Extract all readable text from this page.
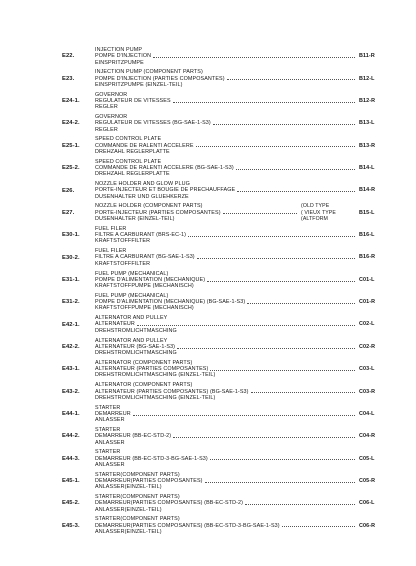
E22.
INJECTION PUMP
POMPE D'INJECTION
EINSPRITZPUMPE
B11-R
E23.
INJECTION PUMP (COMPONENT PARTS)
POMPE D'INJECTION (PARTIES COMPOSANTES)
EINSPRITZPUMPE (EINZEL-TEIL)
B12-L
E24-1.
GOVERNOR
REGULATEUR DE VITESSES
REGLER
B12-R
E24-2.
GOVERNOR
REGULATEUR DE VITESSES (BG-SAE-1-S3)
REGLER
B13-L
E25-1.
SPEED CONTROL PLATE
COMMANDE DE RALENTI ACCELERE
DREHZAHL REGLERPLATTE
B13-R
E25-2.
SPEED CONTROL PLATE
COMMANDE DE RALENTI ACCELERE (BG-SAE-1-S3)
DREHZAHL REGLERPLATTE
B14-L
E26.
NOZZLE HOLDER AND GLOW PLUG
PORTE-INJECTEUR ET BOUGIE DE PRECHAUFFAGE
DUSENHALTER UND GLUEHKERZE
B14-R
E27.
NOZZLE HOLDER (COMPONENT PARTS)
PORTE-INJECTEUR (PARTIES COMPOSANTES)
DUSENHALTER (EINZEL-TEIL)
(OLD TYPE
( VIEUX TYPE
(ALTFORM
B15-L
E30-1.
FUEL FILER
FILTRE A CARBURANT (BRS-EC-1)
KRAFTSTOFFFILTER
B16-L
E30-2.
FUEL FILER
FILTRE A CARBURANT (BG-SAE-1-S3)
KRAFTSTOFFFILTER
B16-R
E31-1.
FUEL PUMP (MECHANICAL)
POMPE D'ALIMENTATION (MECHANIQUE)
KRAFTSTOFFPUMPE (MECHANISCH)
C01-L
E31-2.
FUEL PUMP (MECHANICAL)
POMPE D'ALIMENTATION (MECHANIQUE) (BG-SAE-1-S3)
KRAFTSTOFFPUMPE (MECHANISCH)
C01-R
E42-1.
ALTERNATOR AND PULLEY
ALTERNATEUR
DREHSTROMLICHTMASCHING
C02-L
E42-2.
ALTERNATOR AND PULLEY
ALTERNATEUR (BG-SAE-1-S3)
DREHSTROMLICHTMASCHING
C02-R
E43-1.
ALTERNATOR (COMPONENT PARTS)
ALTERNATEUR (PARTIES COMPOSANTES)
DREHSTROMLICHTMASCHING (EINZEL-TEIL)
C03-L
E43-2.
ALTERNATOR (COMPONENT PARTS)
ALTERNATEUR (PARTIES COMPOSANTES) (BG-SAE-1-S3)
DREHSTROMLICHTMASCHING (EINZEL-TEIL)
C03-R
E44-1.
STARTER
DEMARREUR
ANLASSER
C04-L
E44-2.
STARTER
DEMARREUR (BB-EC-STD-2)
ANLASSER
C04-R
E44-3.
STARTER
DEMARREUR (BB-EC-STD-3-BG-SAE-1-S3)
ANLASSER
C05-L
E45-1.
STARTER(COMPONENT PARTS)
DEMARREUR(PARTIES COMPOSANTES)
ANLASSER(EINZEL-TEIL)
C05-R
E45-2.
STARTER(COMPONENT PARTS)
DEMARREUR(PARTIES COMPOSANTES) (BB-EC-STD-2)
ANLASSER(EINZEL-TEIL)
C06-L
E45-3.
STARTER(COMPONENT PARTS)
DEMARREUR(PARTIES COMPOSANTES) (BB-EC-STD-3-BG-SAE-1-S3)
ANLASSER(EINZEL-TEIL)
C06-R
